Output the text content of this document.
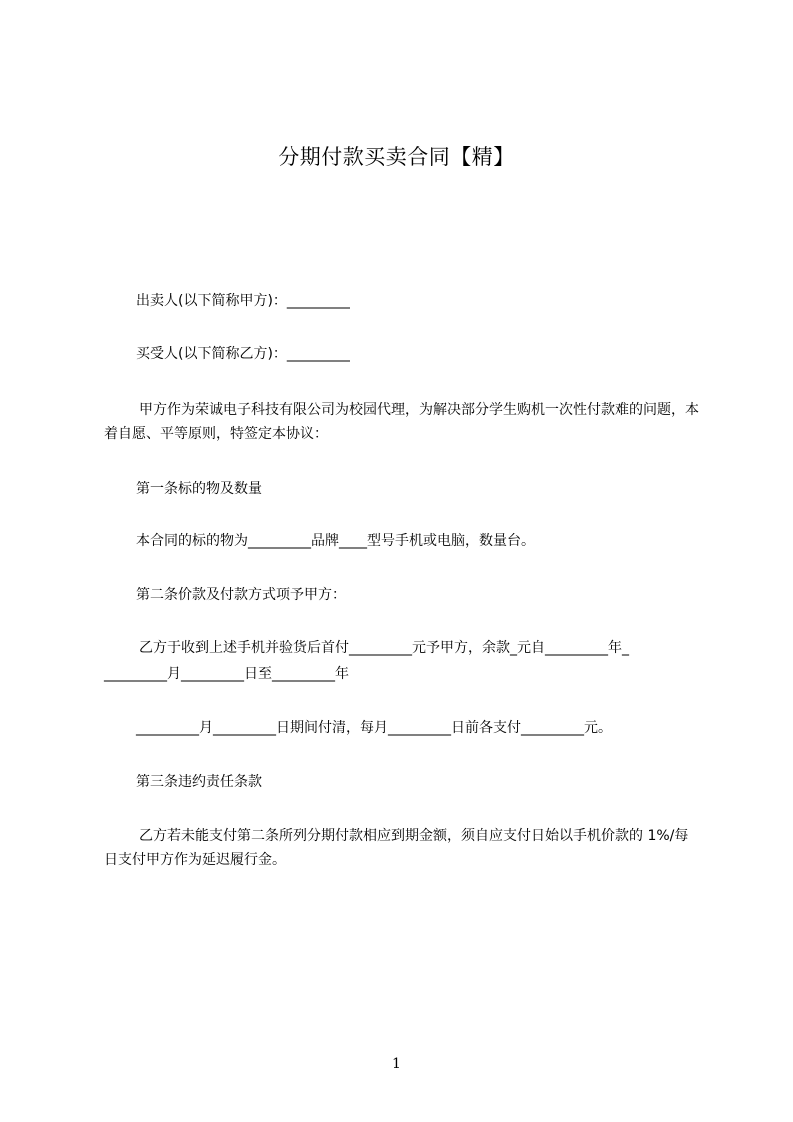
分期付款买卖合同【精】

出卖人(以下简称甲方)：_________

买受人(以下简称乙方)：_________

甲方作为荣诚电子科技有限公司为校园代理，为解决部分学生购机一次性付款难的问题，本着自愿、平等原则，特签定本协议：

第一条标的物及数量

本合同的标的物为_________品牌____型号手机或电脑，数量台。

第二条价款及付款方式项予甲方：

乙方于收到上述手机并验货后首付_________元予甲方，余款_元自_________年_

_________月_________日至_________年

_________月_________日期间付清，每月_________日前各支付_________元。

第三条违约责任条款

乙方若未能支付第二条所列分期付款相应到期金额，须自应支付日始以手机价款的 1%/每日支付甲方作为延迟履行金。

1
